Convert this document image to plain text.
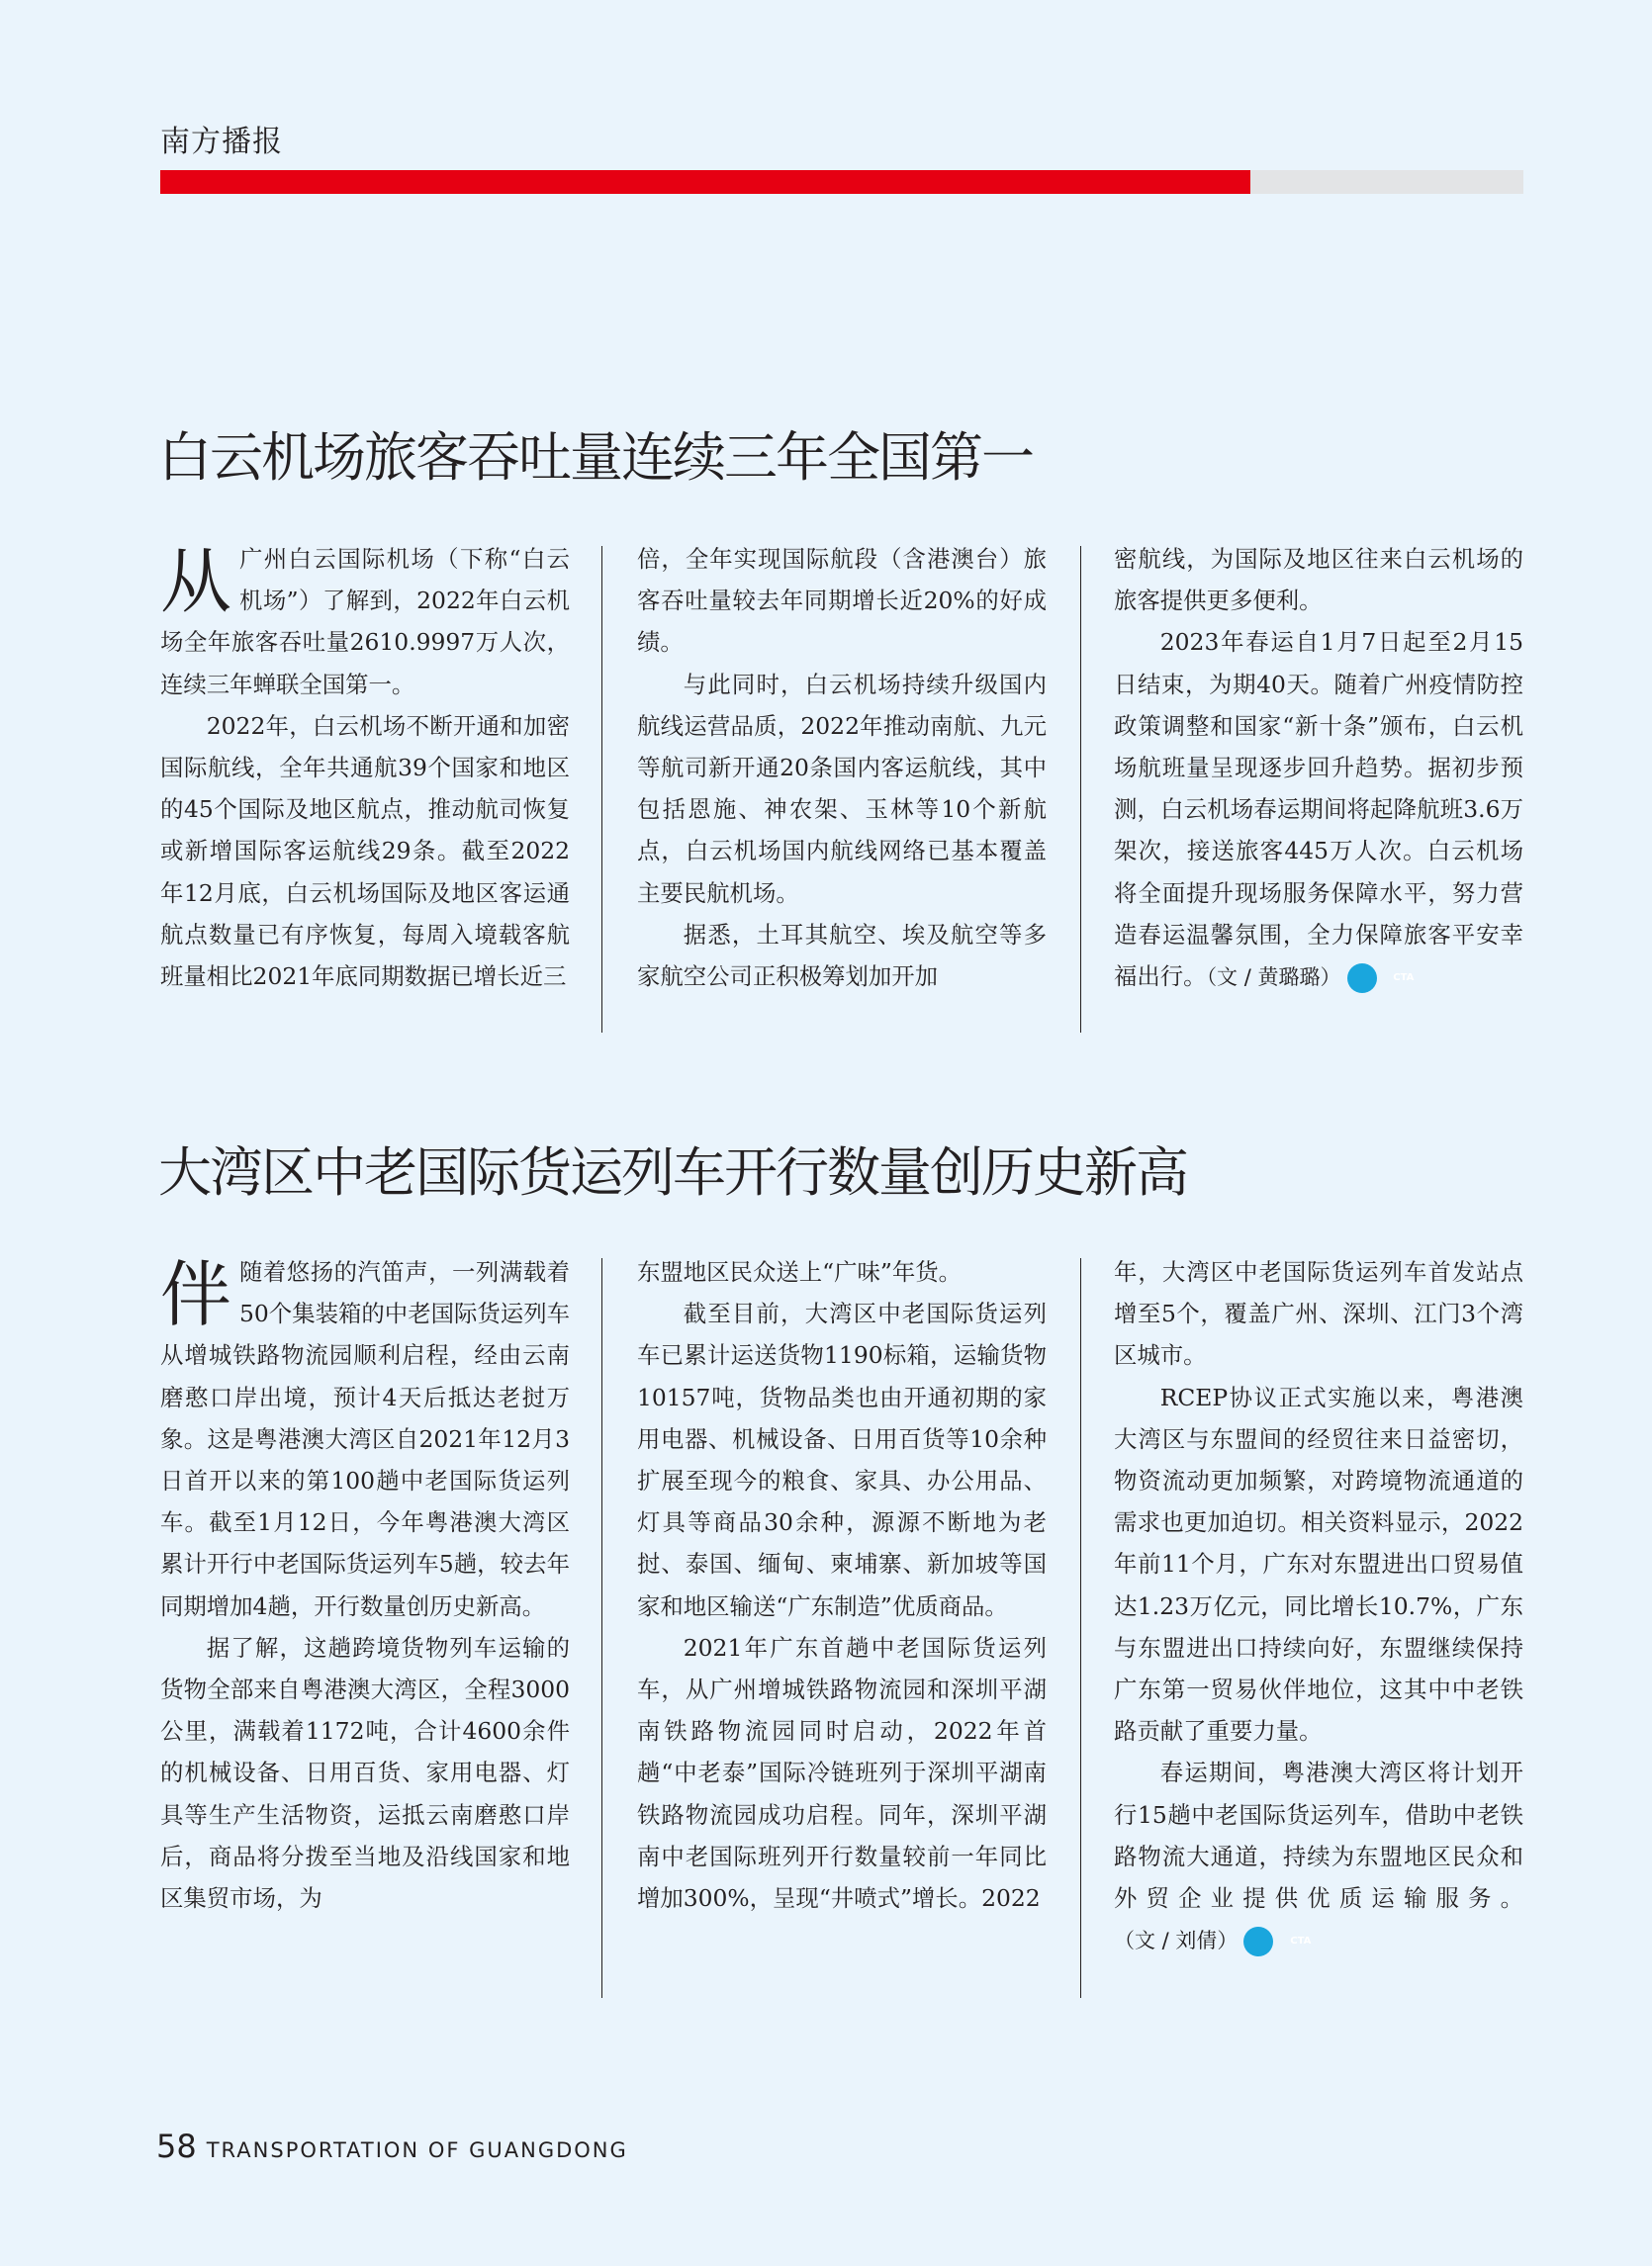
南方播报
白云机场旅客吞吐量连续三年全国第一

从广州白云国际机场（下称“白云机场”）了解到，2022年白云机场全年旅客吞吐量2610.9997万人次，连续三年蝉联全国第一。

2022年，白云机场不断开通和加密国际航线，全年共通航39个国家和地区的45个国际及地区航点，推动航司恢复或新增国际客运航线29条。截至2022年12月底，白云机场国际及地区客运通航点数量已有序恢复，每周入境载客航班量相比2021年底同期数据已增长近三

倍，全年实现国际航段（含港澳台）旅客吞吐量较去年同期增长近20%的好成绩。

与此同时，白云机场持续升级国内航线运营品质，2022年推动南航、九元等航司新开通20条国内客运航线，其中包括恩施、神农架、玉林等10个新航点，白云机场国内航线网络已基本覆盖主要民航机场。

据悉，土耳其航空、埃及航空等多家航空公司正积极筹划加开加

密航线，为国际及地区往来白云机场的旅客提供更多便利。

2023年春运自1月7日起至2月15日结束，为期40天。随着广州疫情防控政策调整和国家“新十条”颁布，白云机场航班量呈现逐步回升趋势。据初步预测，白云机场春运期间将起降航班3.6万架次，接送旅客445万人次。白云机场将全面提升现场服务保障水平，努力营造春运温馨氛围，全力保障旅客平安幸福出行。（文 / 黄璐璐）	CTA

大湾区中老国际货运列车开行数量创历史新高

伴随着悠扬的汽笛声，一列满载着50个集装箱的中老国际货运列车从增城铁路物流园顺利启程，经由云南磨憨口岸出境，预计4天后抵达老挝万象。这是粤港澳大湾区自2021年12月3日首开以来的第100趟中老国际货运列车。截至1月12日，今年粤港澳大湾区累计开行中老国际货运列车5趟，较去年同期增加4趟，开行数量创历史新高。

据了解，这趟跨境货物列车运输的货物全部来自粤港澳大湾区，全程3000公里，满载着1172吨，合计4600余件的机械设备、日用百货、家用电器、灯具等生产生活物资，运抵云南磨憨口岸后，商品将分拨至当地及沿线国家和地区集贸市场，为

东盟地区民众送上“广味”年货。

截至目前，大湾区中老国际货运列车已累计运送货物1190标箱，运输货物10157吨，货物品类也由开通初期的家用电器、机械设备、日用百货等10余种扩展至现今的粮食、家具、办公用品、灯具等商品30余种，源源不断地为老挝、泰国、缅甸、柬埔寨、新加坡等国家和地区输送“广东制造”优质商品。

2021年广东首趟中老国际货运列车，从广州增城铁路物流园和深圳平湖南铁路物流园同时启动，2022年首趟“中老泰”国际冷链班列于深圳平湖南铁路物流园成功启程。同年，深圳平湖南中老国际班列开行数量较前一年同比增加300%，呈现“井喷式”增长。2022

年，大湾区中老国际货运列车首发站点增至5个，覆盖广州、深圳、江门3个湾区城市。

RCEP协议正式实施以来，粤港澳大湾区与东盟间的经贸往来日益密切，物资流动更加频繁，对跨境物流通道的需求也更加迫切。相关资料显示，2022年前11个月，广东对东盟进出口贸易值达1.23万亿元，同比增长10.7%，广东与东盟进出口持续向好，东盟继续保持广东第一贸易伙伴地位，这其中中老铁路贡献了重要力量。

春运期间，粤港澳大湾区将计划开行15趟中老国际货运列车，借助中老铁路物流大通道，持续为东盟地区民众和外贸企业提供优质运输服务。（文 / 刘倩）	CTA

58 TRANSPORTATION OF GUANGDONG
